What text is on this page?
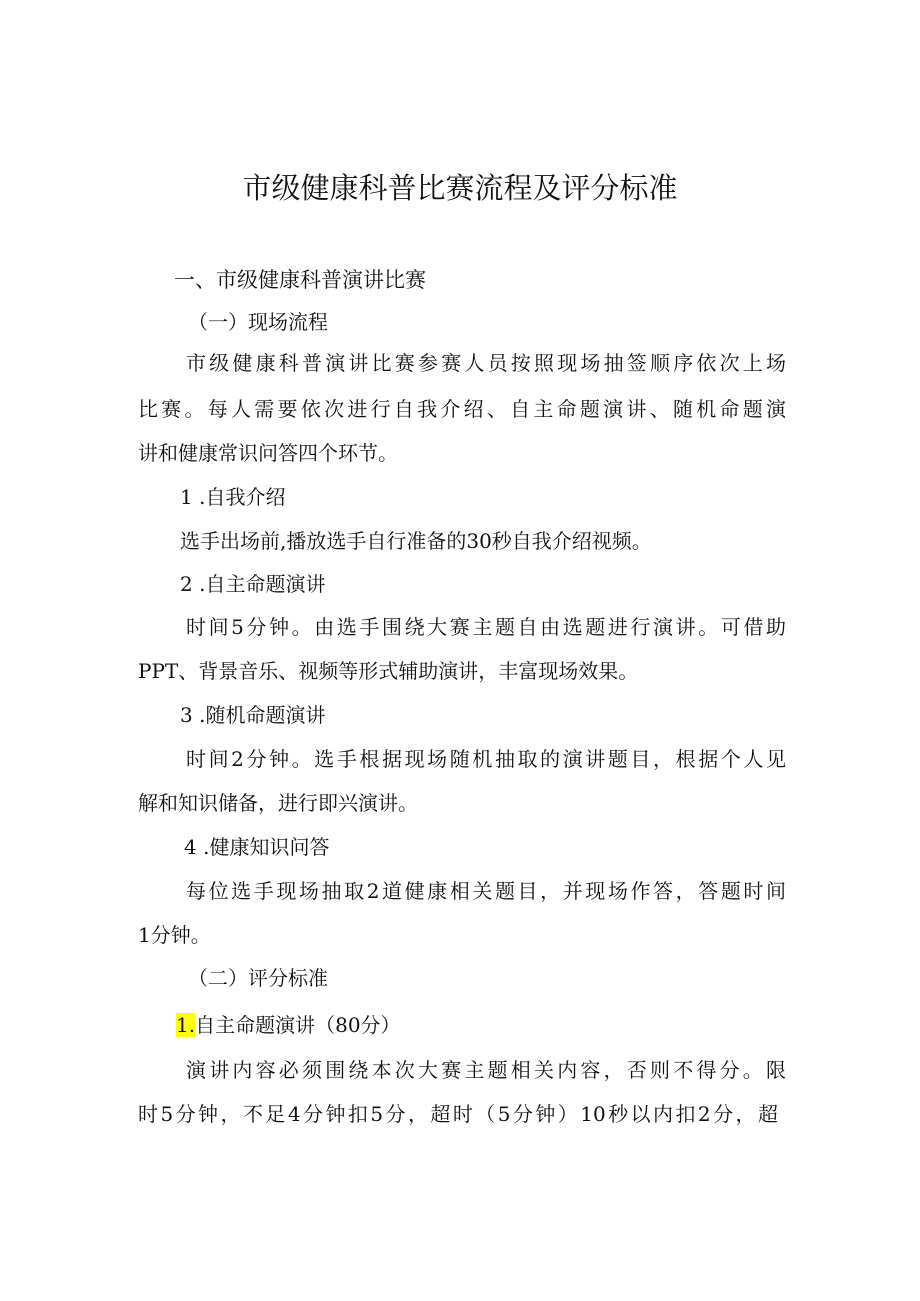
市级健康科普比赛流程及评分标准
一、市级健康科普演讲比赛
（一）现场流程
市级健康科普演讲比赛参赛人员按照现场抽签顺序依次上场
比赛。每人需要依次进行自我介绍、自主命题演讲、随机命题演
讲和健康常识问答四个环节。
1 .自我介绍
选手出场前,播放选手自行准备的30秒自我介绍视频。
2 .自主命题演讲
时间5分钟。由选手围绕大赛主题自由选题进行演讲。可借助
PPT、背景音乐、视频等形式辅助演讲，丰富现场效果。
3 .随机命题演讲
时间2分钟。选手根据现场随机抽取的演讲题目，根据个人见
解和知识储备，进行即兴演讲。
4 .健康知识问答
每位选手现场抽取2道健康相关题目，并现场作答，答题时间
1分钟。
（二）评分标准
1.自主命题演讲（80分）
演讲内容必须围绕本次大赛主题相关内容，否则不得分。限
时5分钟，不足4分钟扣5分，超时（5分钟）10秒以内扣2分，超
